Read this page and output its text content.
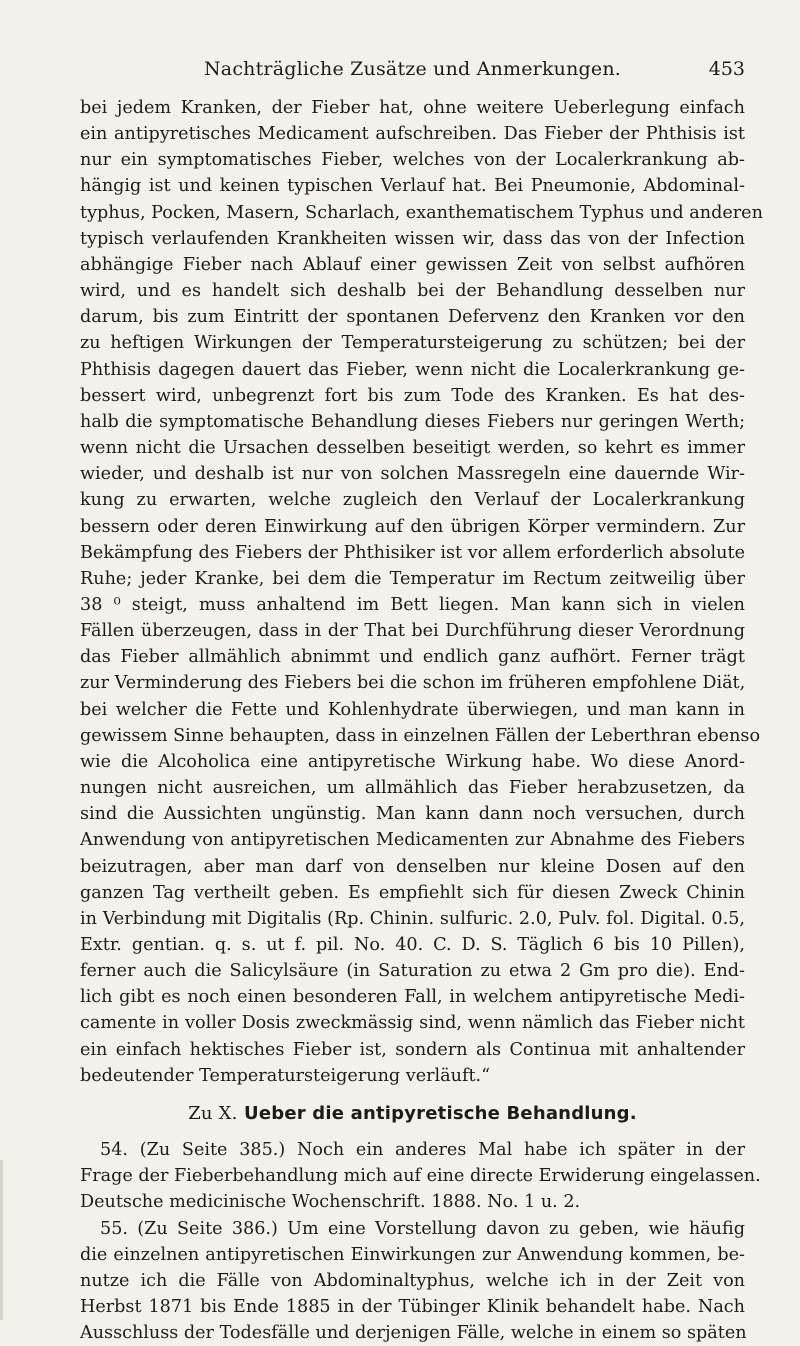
Nachträgliche Zusätze und Anmerkungen.	453
bei jedem Kranken, der Fieber hat, ohne weitere Ueberlegung einfach
ein antipyretisches Medicament aufschreiben. Das Fieber der Phthisis ist
nur ein symptomatisches Fieber, welches von der Localerkrankung ab-
hängig ist und keinen typischen Verlauf hat. Bei Pneumonie, Abdominal-
typhus, Pocken, Masern, Scharlach, exanthematischem Typhus und anderen
typisch verlaufenden Krankheiten wissen wir, dass das von der Infection
abhängige Fieber nach Ablauf einer gewissen Zeit von selbst aufhören
wird, und es handelt sich deshalb bei der Behandlung desselben nur
darum, bis zum Eintritt der spontanen Defervenz den Kranken vor den
zu heftigen Wirkungen der Temperatursteigerung zu schützen; bei der
Phthisis dagegen dauert das Fieber, wenn nicht die Localerkrankung ge-
bessert wird, unbegrenzt fort bis zum Tode des Kranken. Es hat des-
halb die symptomatische Behandlung dieses Fiebers nur geringen Werth;
wenn nicht die Ursachen desselben beseitigt werden, so kehrt es immer
wieder, und deshalb ist nur von solchen Massregeln eine dauernde Wir-
kung zu erwarten, welche zugleich den Verlauf der Localerkrankung
bessern oder deren Einwirkung auf den übrigen Körper vermindern. Zur
Bekämpfung des Fiebers der Phthisiker ist vor allem erforderlich absolute
Ruhe; jeder Kranke, bei dem die Temperatur im Rectum zeitweilig über
38 ⁰ steigt, muss anhaltend im Bett liegen. Man kann sich in vielen
Fällen überzeugen, dass in der That bei Durchführung dieser Verordnung
das Fieber allmählich abnimmt und endlich ganz aufhört. Ferner trägt
zur Verminderung des Fiebers bei die schon im früheren empfohlene Diät,
bei welcher die Fette und Kohlenhydrate überwiegen, und man kann in
gewissem Sinne behaupten, dass in einzelnen Fällen der Leberthran ebenso
wie die Alcoholica eine antipyretische Wirkung habe. Wo diese Anord-
nungen nicht ausreichen, um allmählich das Fieber herabzusetzen, da
sind die Aussichten ungünstig. Man kann dann noch versuchen, durch
Anwendung von antipyretischen Medicamenten zur Abnahme des Fiebers
beizutragen, aber man darf von denselben nur kleine Dosen auf den
ganzen Tag vertheilt geben. Es empfiehlt sich für diesen Zweck Chinin
in Verbindung mit Digitalis (Rp. Chinin. sulfuric. 2.0, Pulv. fol. Digital. 0.5,
Extr. gentian. q. s. ut f. pil. No. 40. C. D. S. Täglich 6 bis 10 Pillen),
ferner auch die Salicylsäure (in Saturation zu etwa 2 Gm pro die). End-
lich gibt es noch einen besonderen Fall, in welchem antipyretische Medi-
camente in voller Dosis zweckmässig sind, wenn nämlich das Fieber nicht
ein einfach hektisches Fieber ist, sondern als Continua mit anhaltender
bedeutender Temperatursteigerung verläuft.“
Zu X. Ueber die antipyretische Behandlung.
54. (Zu Seite 385.) Noch ein anderes Mal habe ich später in der
Frage der Fieberbehandlung mich auf eine directe Erwiderung eingelassen.
Deutsche medicinische Wochenschrift. 1888. No. 1 u. 2.
55. (Zu Seite 386.) Um eine Vorstellung davon zu geben, wie häufig
die einzelnen antipyretischen Einwirkungen zur Anwendung kommen, be-
nutze ich die Fälle von Abdominaltyphus, welche ich in der Zeit von
Herbst 1871 bis Ende 1885 in der Tübinger Klinik behandelt habe. Nach
Ausschluss der Todesfälle und derjenigen Fälle, welche in einem so späten
